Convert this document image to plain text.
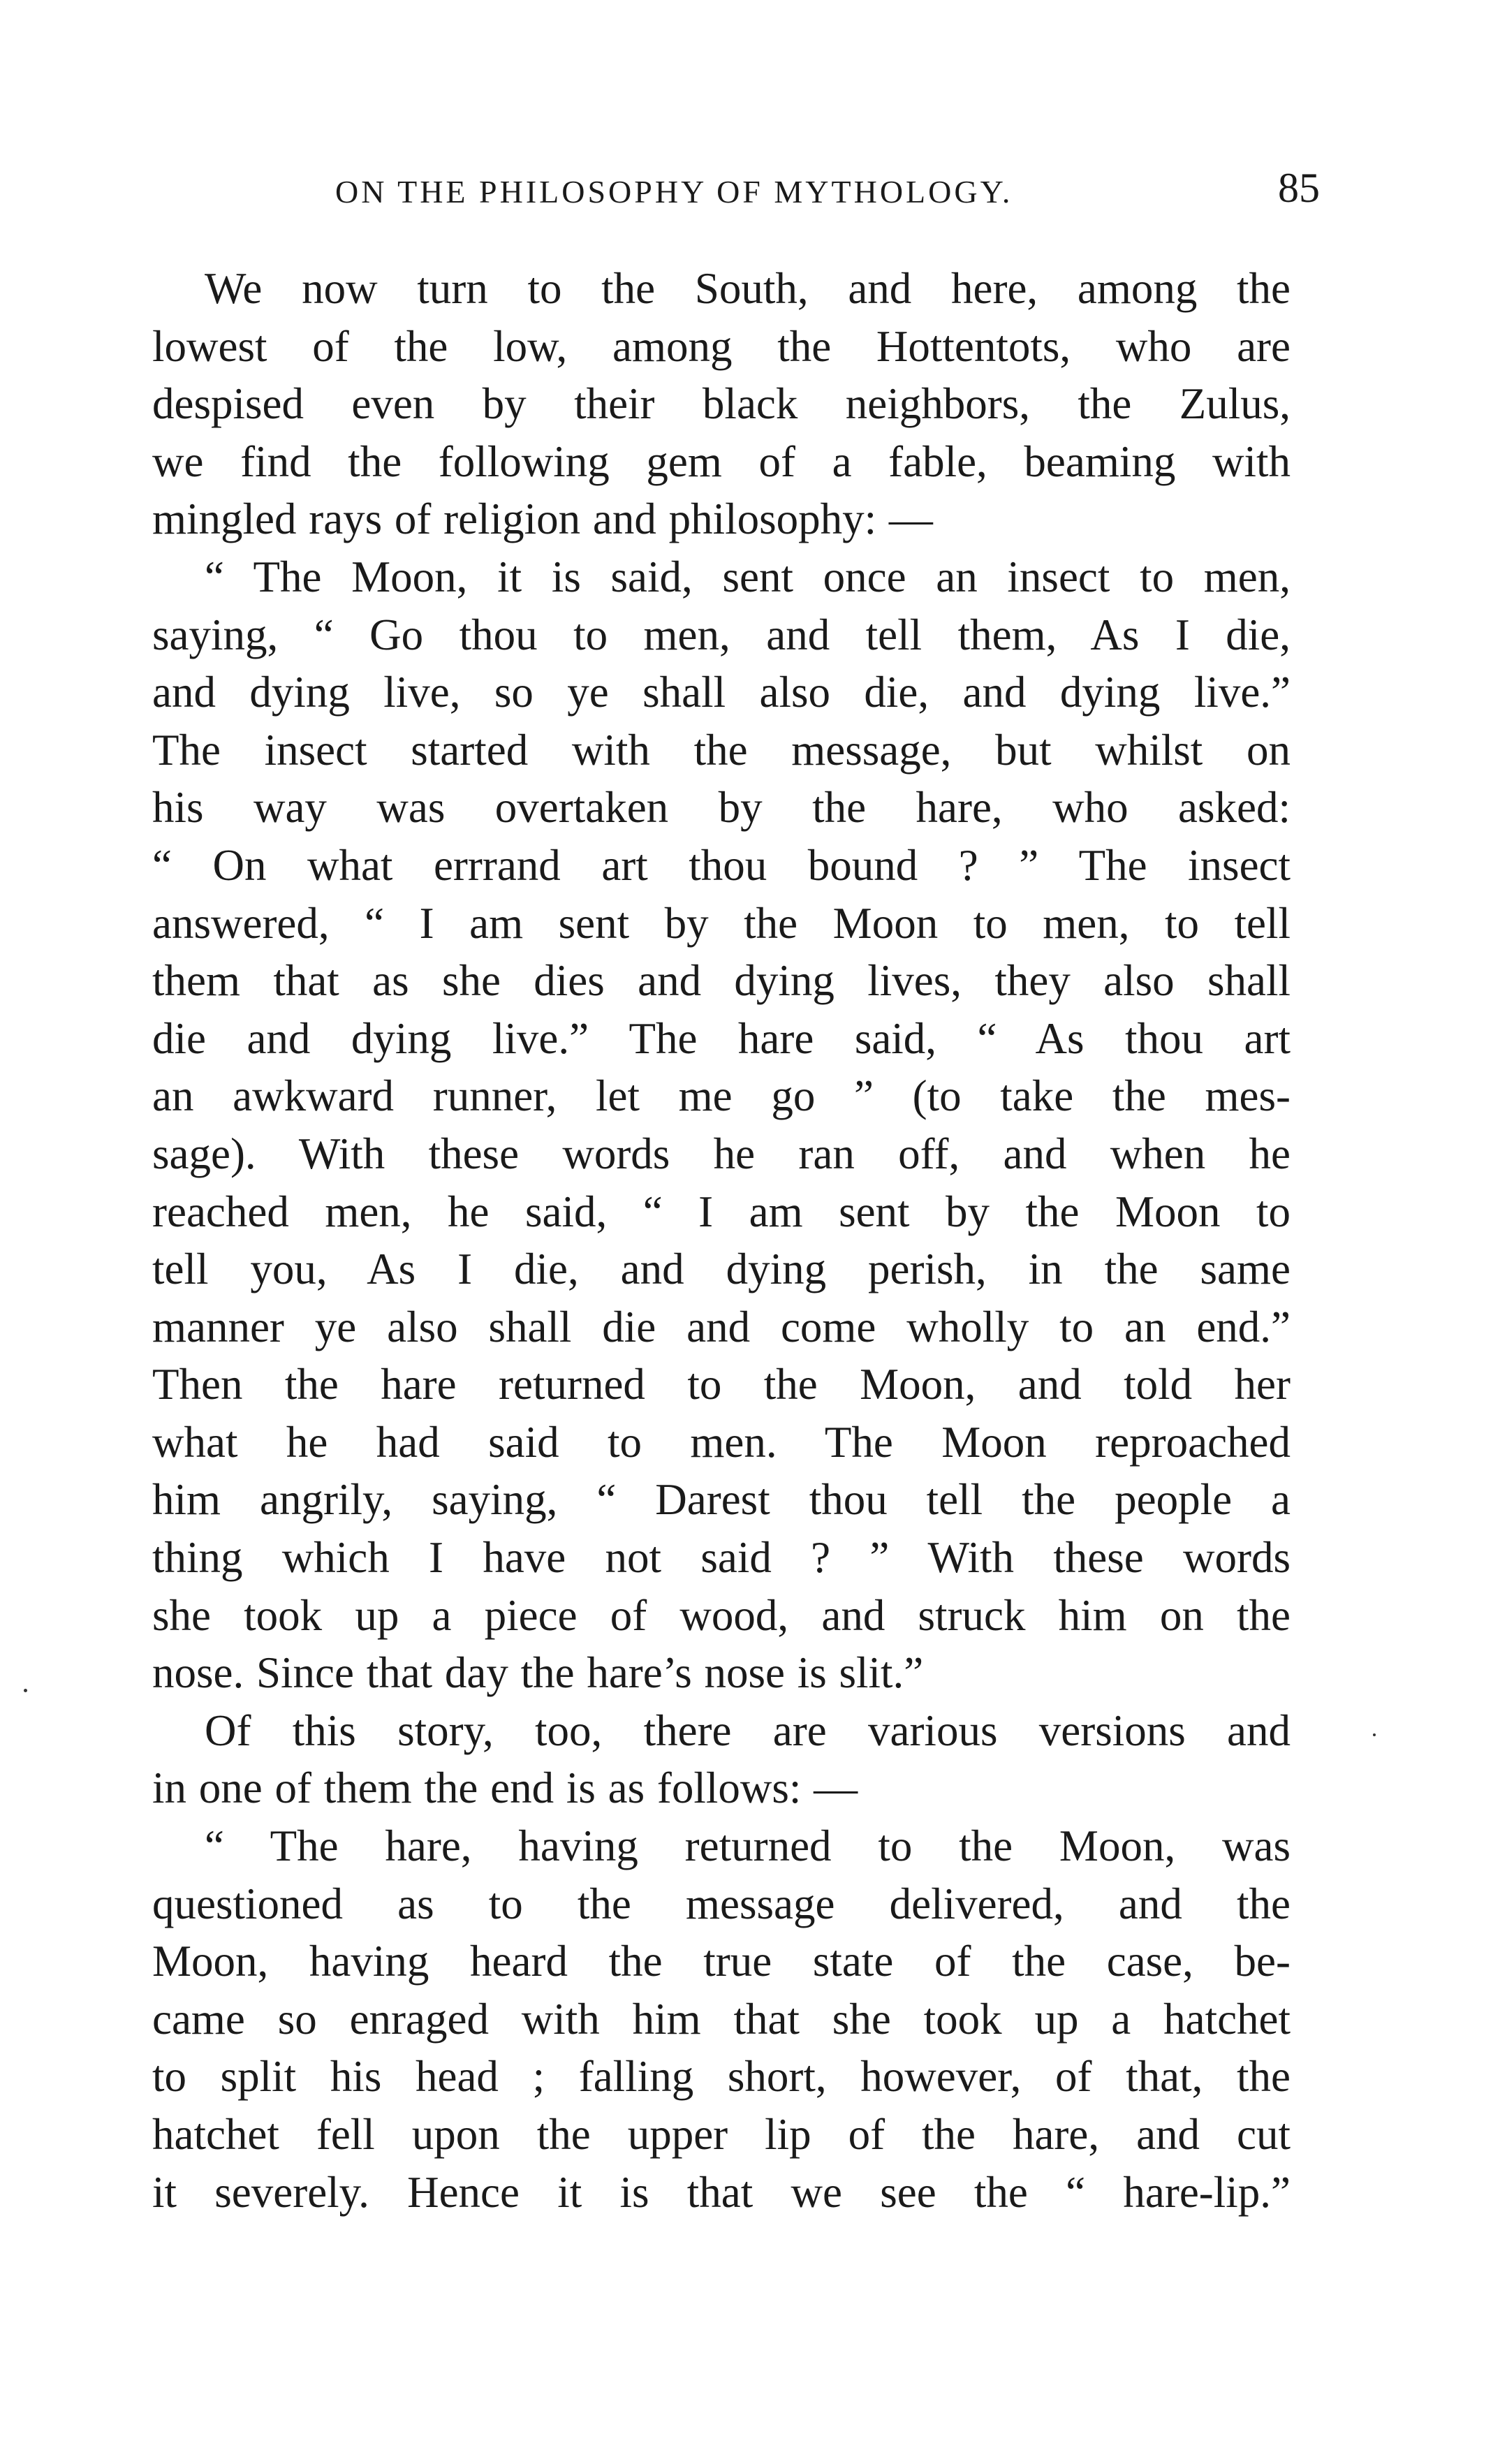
ON THE PHILOSOPHY OF MYTHOLOGY.	85
We now turn to the South, and here, among the
lowest of the low, among the Hottentots, who are
despised even by their black neighbors, the Zulus,
we find the following gem of a fable, beaming with
mingled rays of religion and philosophy: —
“ The Moon, it is said, sent once an insect to men,
saying, “ Go thou to men, and tell them, As I die,
and dying live, so ye shall also die, and dying live.”
The insect started with the message, but whilst on
his way was overtaken by the hare, who asked:
“ On what errrand art thou bound ? ” The insect
answered, “ I am sent by the Moon to men, to tell
them that as she dies and dying lives, they also shall
die and dying live.” The hare said, “ As thou art
an awkward runner, let me go ” (to take the mes-
sage). With these words he ran off, and when he
reached men, he said, “ I am sent by the Moon to
tell you, As I die, and dying perish, in the same
manner ye also shall die and come wholly to an end.”
Then the hare returned to the Moon, and told her
what he had said to men. The Moon reproached
him angrily, saying, “ Darest thou tell the people a
thing which I have not said ? ” With these words
she took up a piece of wood, and struck him on the
nose. Since that day the hare’s nose is slit.”
Of this story, too, there are various versions and
in one of them the end is as follows: —
“ The hare, having returned to the Moon, was
questioned as to the message delivered, and the
Moon, having heard the true state of the case, be-
came so enraged with him that she took up a hatchet
to split his head ; falling short, however, of that, the
hatchet fell upon the upper lip of the hare, and cut
it severely. Hence it is that we see the “ hare-lip.”
